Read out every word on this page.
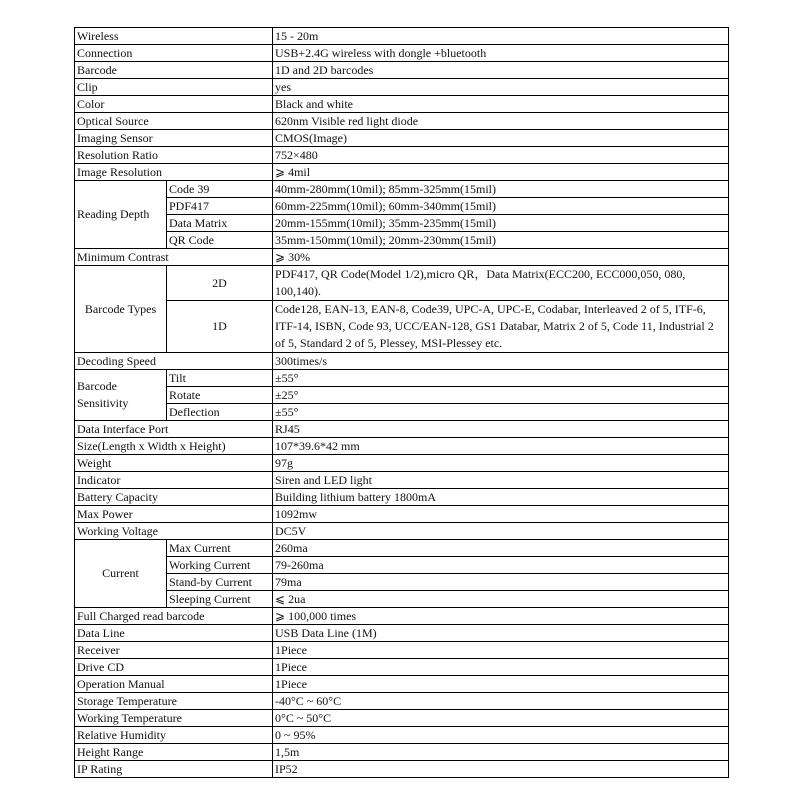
Wireless		15 - 20m
Connection		USB+2.4G wireless with dongle +bluetooth
Barcode		1D and 2D barcodes
Clip		yes
Color		Black and white
Optical Source		620nm Visible red light diode
Imaging Sensor		CMOS(Image)
Resolution Ratio		752×480
Image Resolution		⩾ 4mil
Reading Depth	Code 39	40mm-280mm(10mil); 85mm-325mm(15mil)
	PDF417	60mm-225mm(10mil); 60mm-340mm(15mil)
	Data Matrix	20mm-155mm(10mil); 35mm-235mm(15mil)
	QR Code	35mm-150mm(10mil); 20mm-230mm(15mil)
Minimum Contrast		⩾ 30%
Barcode Types	2D	PDF417, QR Code(Model 1/2),micro QR，Data Matrix(ECC200, ECC000,050, 080, 100,140).
	1D	Code128, EAN-13, EAN-8, Code39, UPC-A, UPC-E, Codabar, Interleaved 2 of 5, ITF-6, ITF-14, ISBN, Code 93, UCC/EAN-128, GS1 Databar, Matrix 2 of 5, Code 11, Industrial 2 of 5, Standard 2 of 5, Plessey, MSI-Plessey etc.
Decoding Speed		300times/s
Barcode Sensitivity	Tilt	±55°
	Rotate	±25°
	Deflection	±55°
Data Interface Port		RJ45
Size(Length x Width x Height)		107*39.6*42 mm
Weight		97g
Indicator		Siren and LED light
Battery Capacity		Building lithium battery 1800mA
Max Power		1092mw
Working Voltage		DC5V
Current	Max Current	260ma
	Working Current	79-260ma
	Stand-by Current	79ma
	Sleeping Current	⩽ 2ua
Full Charged read barcode		⩾ 100,000 times
Data Line		USB Data Line (1M)
Receiver		1Piece
Drive CD		1Piece
Operation Manual		1Piece
Storage Temperature		-40°C ~ 60°C
Working Temperature		0°C ~ 50°C
Relative Humidity		0 ~ 95%
Height Range		1,5m
IP Rating		IP52
